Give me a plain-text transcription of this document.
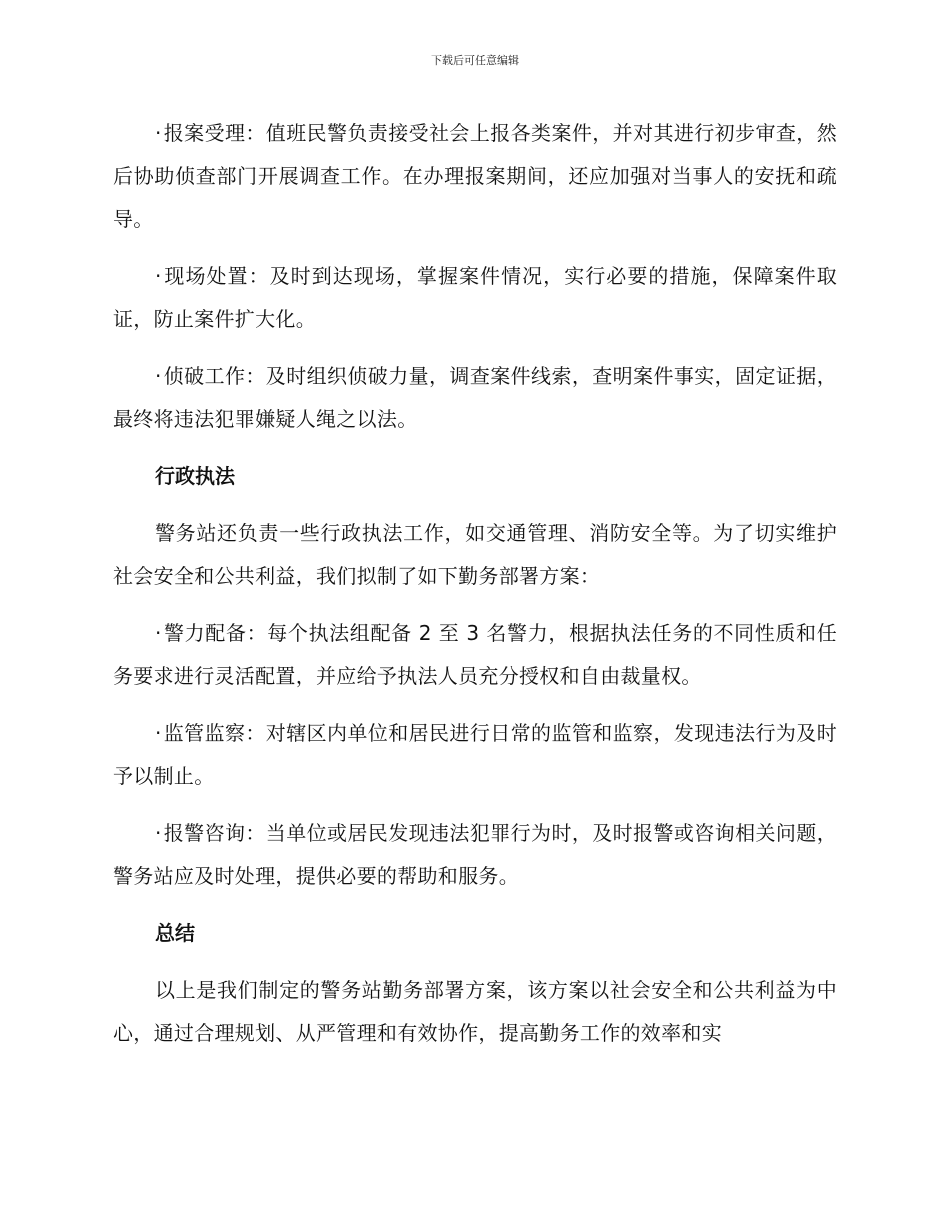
下载后可任意编辑

· 报案受理：值班民警负责接受社会上报各类案件，并对其进行初步审查，然后协助侦查部门开展调查工作。在办理报案期间，还应加强对当事人的安抚和疏导。

· 现场处置：及时到达现场，掌握案件情况，实行必要的措施，保障案件取证，防止案件扩大化。

· 侦破工作：及时组织侦破力量，调查案件线索，查明案件事实，固定证据，最终将违法犯罪嫌疑人绳之以法。

行政执法

警务站还负责一些行政执法工作，如交通管理、消防安全等。为了切实维护社会安全和公共利益，我们拟制了如下勤务部署方案：

· 警力配备：每个执法组配备 2 至 3 名警力，根据执法任务的不同性质和任务要求进行灵活配置，并应给予执法人员充分授权和自由裁量权。

· 监管监察：对辖区内单位和居民进行日常的监管和监察，发现违法行为及时予以制止。

· 报警咨询：当单位或居民发现违法犯罪行为时，及时报警或咨询相关问题，警务站应及时处理，提供必要的帮助和服务。

总结

以上是我们制定的警务站勤务部署方案，该方案以社会安全和公共利益为中心，通过合理规划、从严管理和有效协作，提高勤务工作的效率和实
